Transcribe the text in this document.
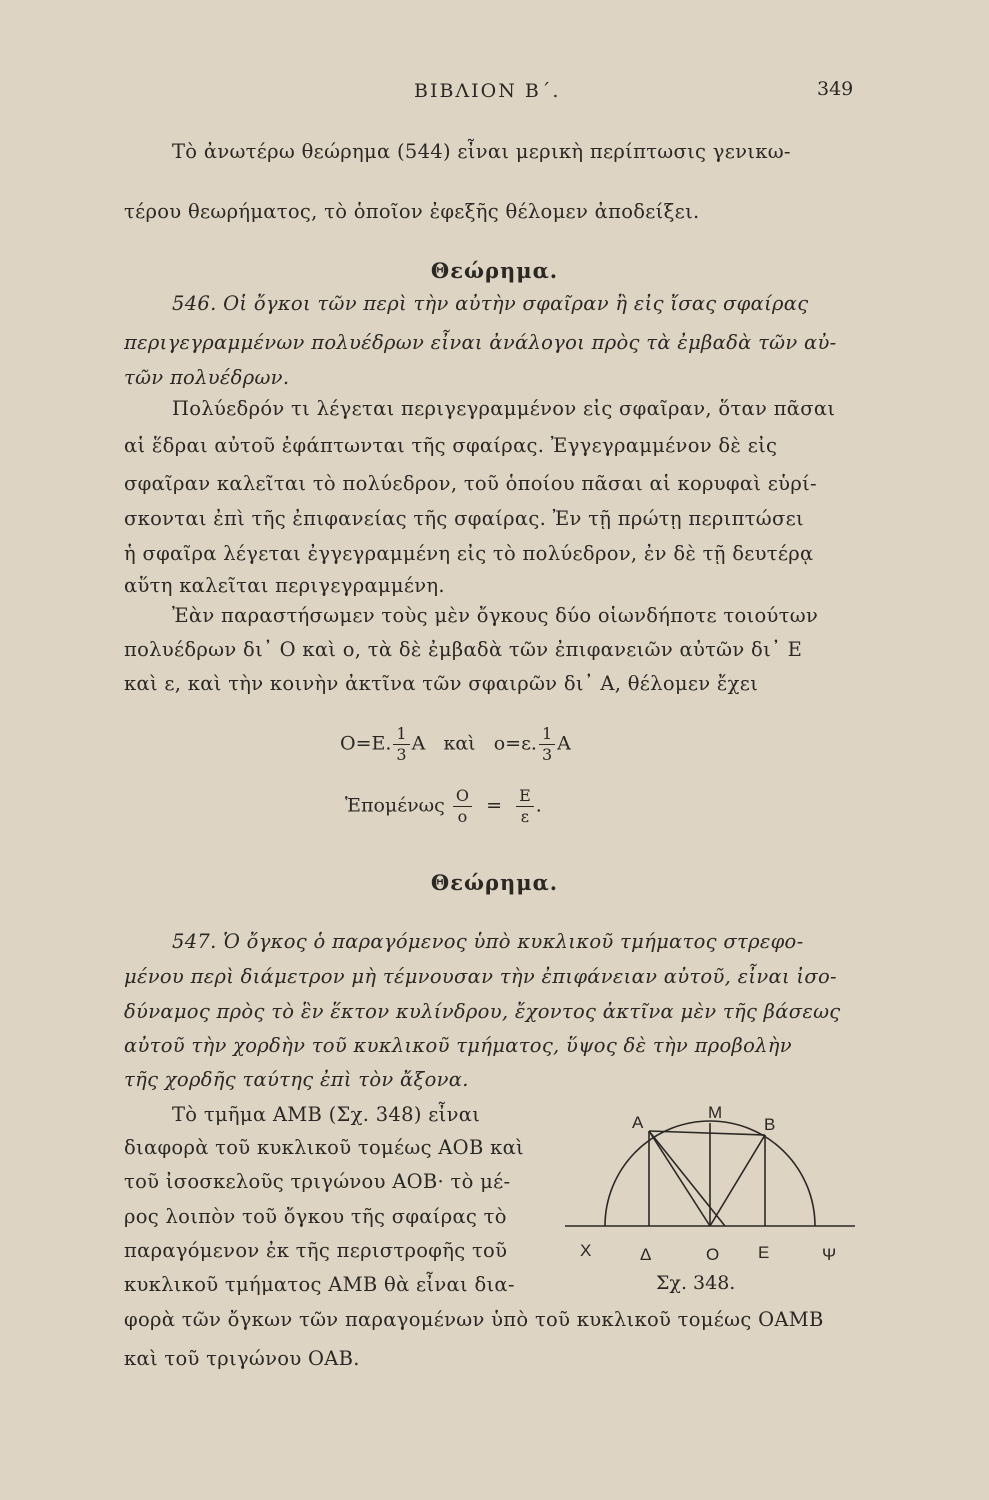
ΒΙΒΛΙΟΝ Β΄.	349
Τὸ ἀνωτέρω θεώρημα (544) εἶναι μερικὴ περίπτωσις γενικω-
τέρου θεωρήματος, τὸ ὁποῖον ἐφεξῆς θέλομεν ἀποδείξει.
Θεώρημα.
546. Οἱ ὄγκοι τῶν περὶ τὴν αὐτὴν σφαῖραν ἢ εἰς ἴσας σφαίρας
περιγεγραμμένων πολυέδρων εἶναι ἀνάλογοι πρὸς τὰ ἐμβαδὰ τῶν αὐ-
τῶν πολυέδρων.
Πολύεδρόν τι λέγεται περιγεγραμμένον εἰς σφαῖραν, ὅταν πᾶσαι
αἱ ἕδραι αὐτοῦ ἐφάπτωνται τῆς σφαίρας. Ἐγγεγραμμένον δὲ εἰς
σφαῖραν καλεῖται τὸ πολύεδρον, τοῦ ὁποίου πᾶσαι αἱ κορυφαὶ εὑρί-
σκονται ἐπὶ τῆς ἐπιφανείας τῆς σφαίρας. Ἐν τῇ πρώτῃ περιπτώσει
ἡ σφαῖρα λέγεται ἐγγεγραμμένη εἰς τὸ πολύεδρον, ἐν δὲ τῇ δευτέρᾳ
αὕτη καλεῖται περιγεγραμμένη.
Ἐὰν παραστήσωμεν τοὺς μὲν ὄγκους δύο οἱωνδήποτε τοιούτων
πολυέδρων δι᾽ Ο καὶ ο, τὰ δὲ ἐμβαδὰ τῶν ἐπιφανειῶν αὐτῶν δι᾽ Ε
καὶ ε, καὶ τὴν κοινὴν ἀκτῖνα τῶν σφαιρῶν δι᾽ Α, θέλομεν ἔχει
Ο=Ε. $\frac{1}{3}$ Α καὶ ο=ε. $\frac{1}{3}$ Α
Ἑπομένως $\frac{O}{o} = \frac{E}{\varepsilon}$ .
Θεώρημα.
547. Ὁ ὄγκος ὁ παραγόμενος ὑπὸ κυκλικοῦ τμήματος στρεφο-
μένου περὶ διάμετρον μὴ τέμνουσαν τὴν ἐπιφάνειαν αὐτοῦ, εἶναι ἰσο-
δύναμος πρὸς τὸ ἓν ἕκτον κυλίνδρου, ἔχοντος ἀκτῖνα μὲν τῆς βάσεως
αὐτοῦ τὴν χορδὴν τοῦ κυκλικοῦ τμήματος, ὕψος δὲ τὴν προβολὴν
τῆς χορδῆς ταύτης ἐπὶ τὸν ἄξονα.
Τὸ τμῆμα ΑΜΒ (Σχ. 348) εἶναι
διαφορὰ τοῦ κυκλικοῦ τομέως ΑΟΒ καὶ
τοῦ ἰσοσκελοῦς τριγώνου ΑΟΒ· τὸ μέ-
ρος λοιπὸν τοῦ ὄγκου τῆς σφαίρας τὸ
παραγόμενον ἐκ τῆς περιστροφῆς τοῦ
κυκλικοῦ τμήματος ΑΜΒ θὰ εἶναι δια-
φορὰ τῶν ὄγκων τῶν παραγομένων ὑπὸ τοῦ κυκλικοῦ τομέως ΟΑΜΒ
καὶ τοῦ τριγώνου ΟΑΒ.
Α
Μ
Β
Χ	Δ	Ο Ε	Ψ
Σχ. 348.
